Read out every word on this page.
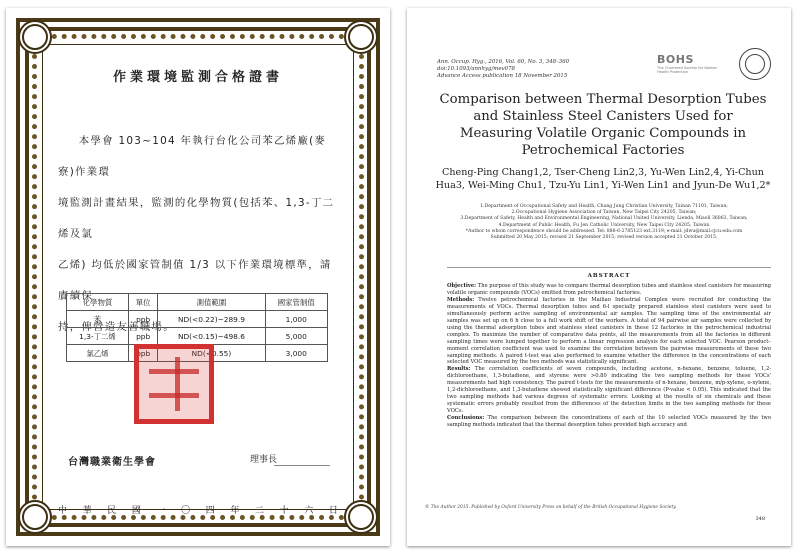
作業環境監測合格證書

本學會 103~104 年執行台化公司苯乙烯廠(麥寮)作業環

境監測計畫結果，監測的化學物質(包括苯、1,3-丁二烯及氯
乙烯) 均低於國家管制值 1/3 以下作業環境標準，請賡續保
持，俾營造友善職場。
化學物質	單位	測值範圍	國家管制值
苯	ppb	ND(<0.22)~289.9	1,000
1,3-丁二烯	ppb	ND(<0.15)~498.6	5,000
氯乙烯	ppb	ND(<0.55)	3,000
台灣職業衛生學會	理事長
中 華 民 國 一 〇 四 年 二 十 六 日
Ann. Occup. Hyg., 2016, Vol. 60, No. 3, 348–360
doi:10.1093/annhyg/mev078
Advance Access publication 18 November 2015
BOHS
The Chartered Society for Worker Health Protection
Comparison between Thermal Desorption Tubes and Stainless Steel Canisters Used for Measuring Volatile Organic Compounds in Petrochemical Factories
Cheng-Ping Chang1,2, Tser-Cheng Lin2,3, Yu-Wen Lin2,4, Yi-Chun Hua3, Wei-Ming Chu1, Tzu-Yu Lin1, Yi-Wen Lin1 and Jyun-De Wu1,2*

1.Department of Occupational Safety and Health, Chang Jung Christian University, Tainan 71101, Taiwan;

2.Occupational Hygiene Association of Taiwan, New Taipei City 24205, Taiwan;

3.Department of Safety, Health and Environmental Engineering, National United University, Lienda, Miaoli 36063, Taiwan;

4.Department of Public Health, Fu Jen Catholic University, New Taipei City 24205, Taiwan

*Author to whom correspondence should be addressed. Tel: 886-6-2785123 ext.3119; e-mail: jdwu@mail.cjcu.edu.com

Submitted 20 May 2015; revised 21 September 2015; revised version accepted 21 October 2015.

ABSTRACT

Objective: The purpose of this study was to compare thermal desorption tubes and stainless steel canisters for measuring volatile organic compounds (VOCs) emitted from petrochemical factories.

Methods: Twelve petrochemical factories in the Mailiao Industrial Complex were recruited for conducting the measurements of VOCs. Thermal desorption tubes and 6-l specially prepared stainless steel canisters were used to simultaneously perform active sampling of environmental air samples. The sampling time of the environmental air samples was set up on 6 h close to a full work shift of the workers. A total of 94 pairwise air samples were collected by using the thermal adsorption tubes and stainless steel canisters in these 12 factories in the petrochemical industrial complex. To maximize the number of comparative data points, all the measurements from all the factories in different sampling times were lumped together to perform a linear regression analysis for each selected VOC. Pearson product–moment correlation coefficient was used to examine the correlation between the pairwise measurements of these two sampling methods. A paired t-test was also performed to examine whether the difference in the concentrations of each selected VOC measured by the two methods was statistically significant.

Results: The correlation coefficients of seven compounds, including acetone, n-hexane, benzene, toluene, 1,2-dichloroethane, 1,3-butadiene, and styrene were >0.80 indicating the two sampling methods for these VOCs' measurements had high consistency. The paired t-tests for the measurements of n-hexane, benzene, m/p-xylene, o-xylene, 1,2-dichloroethane, and 1,3-butadiene showed statistically significant difference (P-value < 0.05). This indicated that the two sampling methods had various degrees of systematic errors. Looking at the results of six chemicals and these systematic errors probably resulted from the differences of the detection limits in the two sampling methods for these VOCs.

Conclusions: The comparison between the concentrations of each of the 10 selected VOCs measured by the two sampling methods indicated that the thermal desorption tubes provided high accuracy and

© The Author 2015. Published by Oxford University Press on behalf of the British Occupational Hygiene Society.
348
